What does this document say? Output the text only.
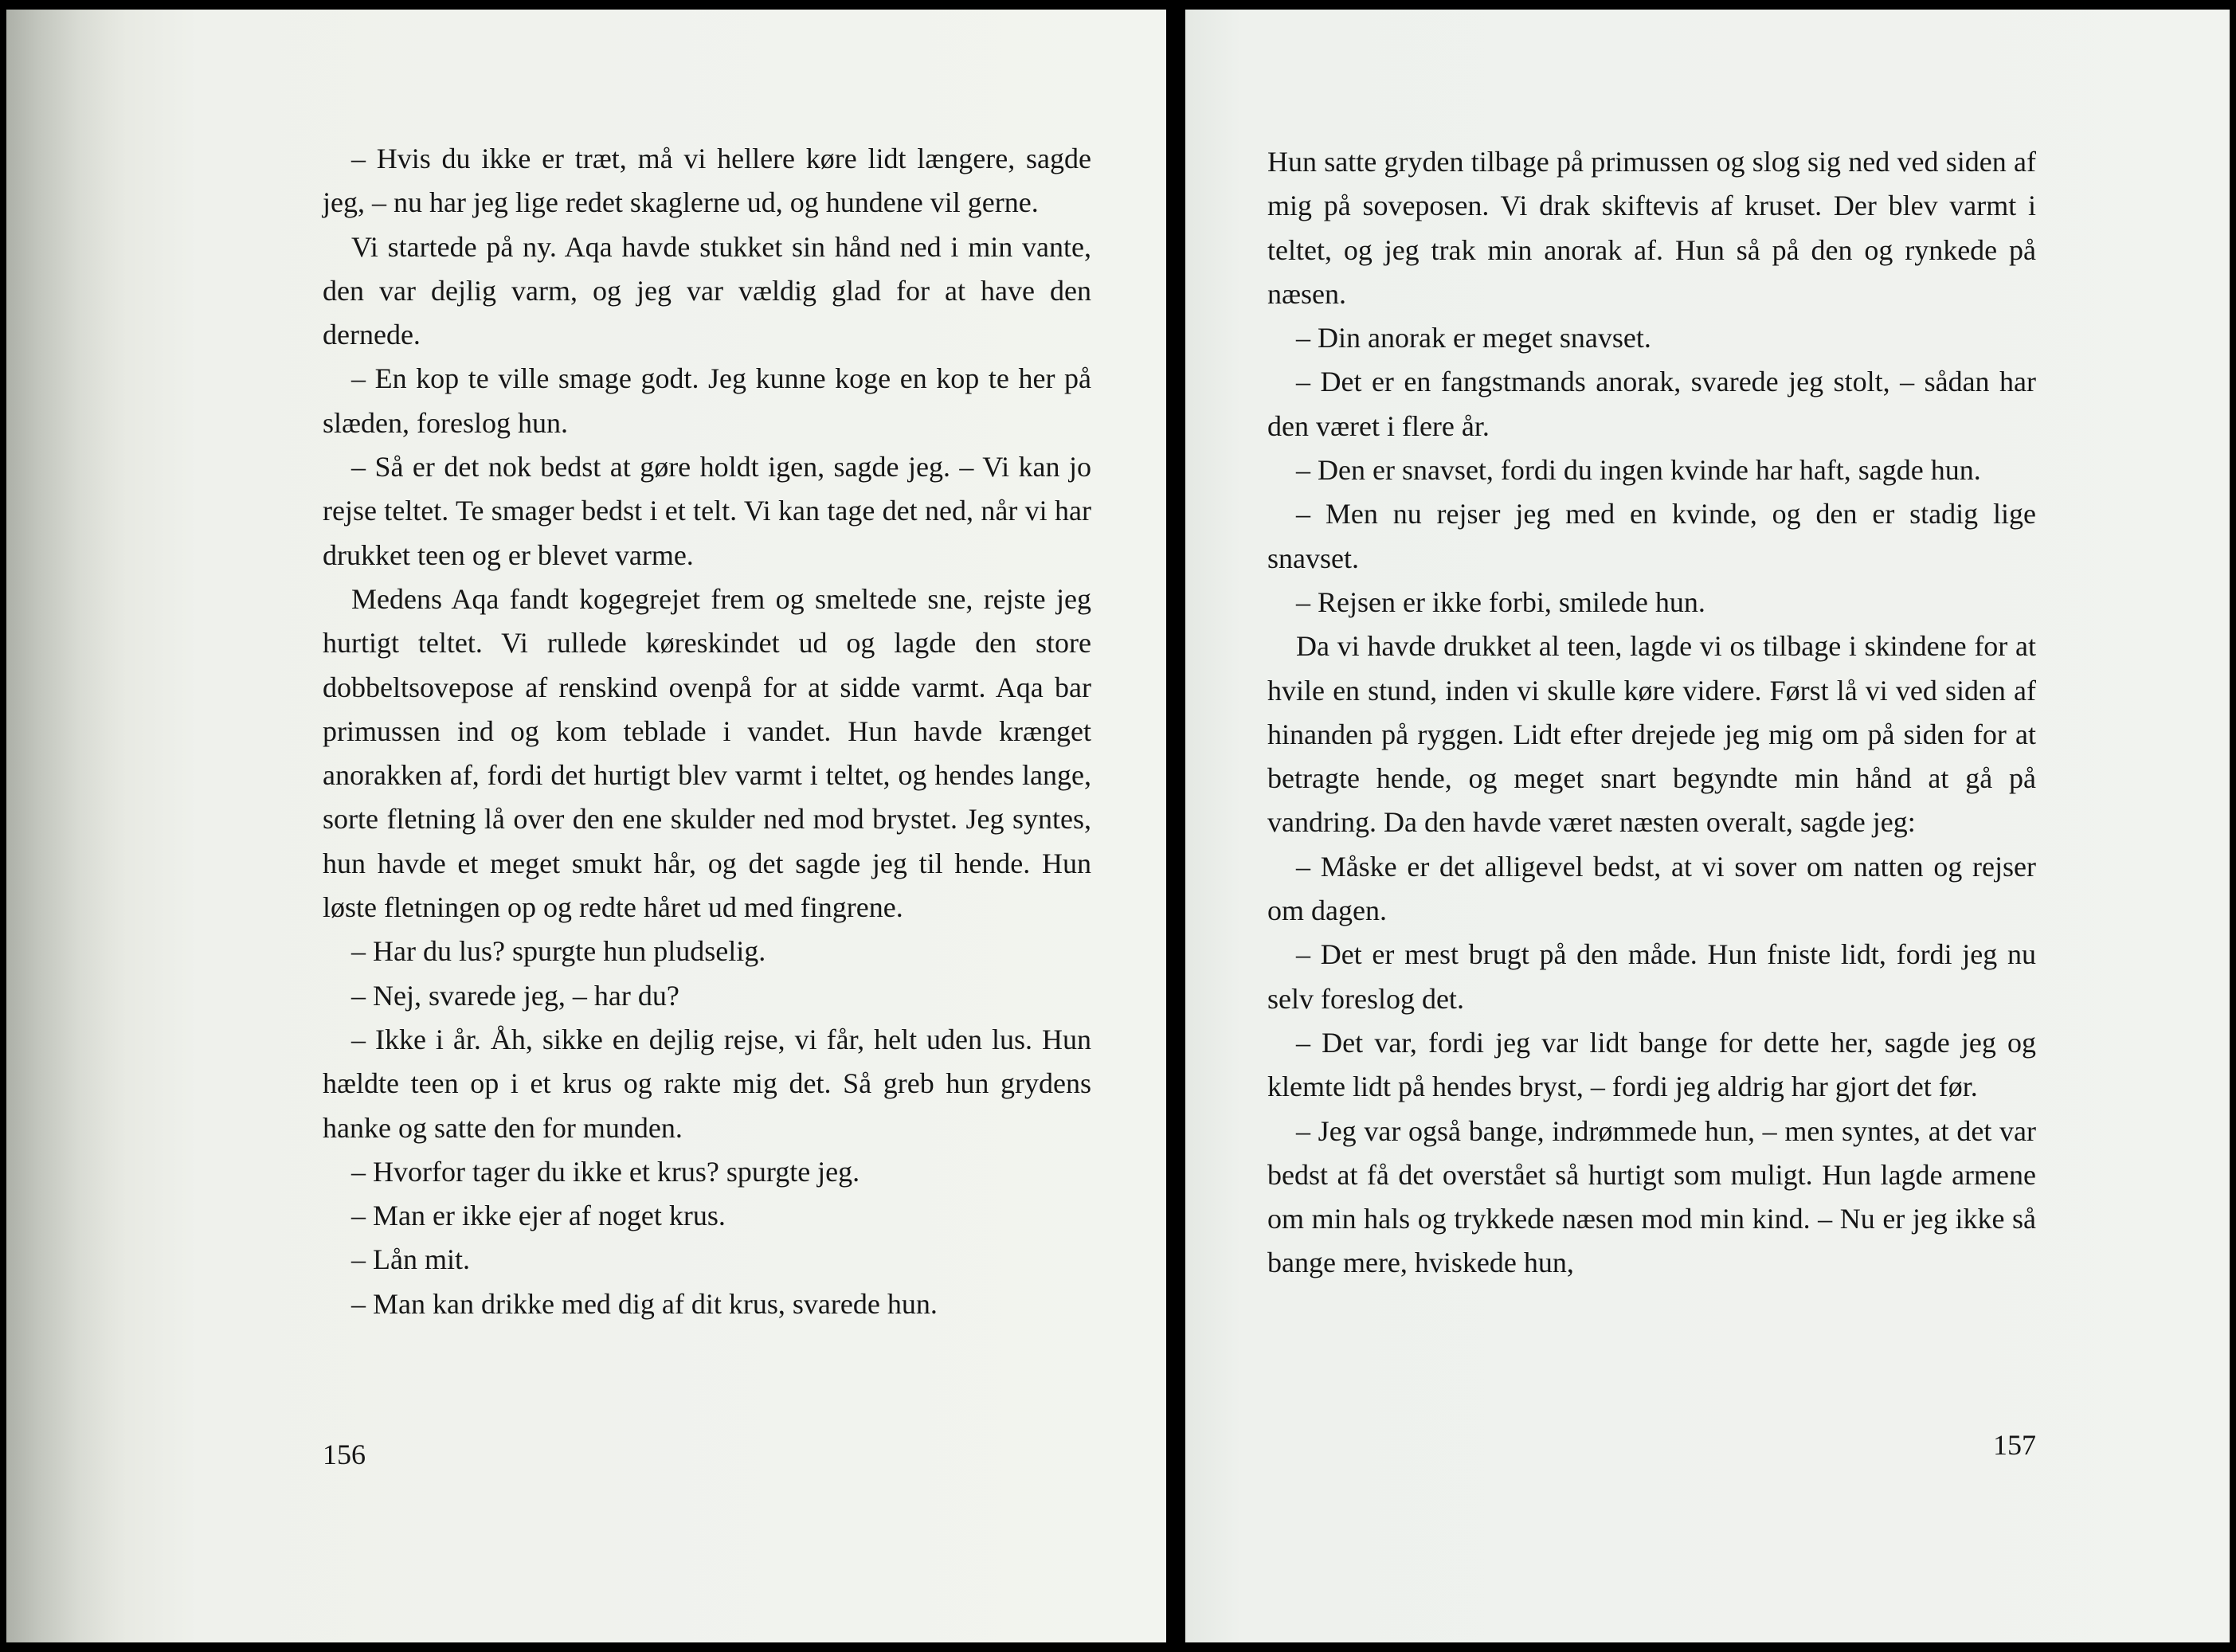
– Hvis du ikke er træt, må vi hellere køre lidt længere, sagde jeg, – nu har jeg lige redet skaglerne ud, og hundene vil gerne.

Vi startede på ny. Aqa havde stukket sin hånd ned i min vante, den var dejlig varm, og jeg var vældig glad for at have den dernede.

– En kop te ville smage godt. Jeg kunne koge en kop te her på slæden, foreslog hun.

– Så er det nok bedst at gøre holdt igen, sagde jeg. – Vi kan jo rejse teltet. Te smager bedst i et telt. Vi kan tage det ned, når vi har drukket teen og er blevet varme.

Medens Aqa fandt kogegrejet frem og smeltede sne, rejste jeg hurtigt teltet. Vi rullede køreskindet ud og lagde den store dobbeltsovepose af renskind ovenpå for at sidde varmt. Aqa bar primussen ind og kom teblade i vandet. Hun havde krænget anorakken af, fordi det hurtigt blev varmt i teltet, og hendes lange, sorte fletning lå over den ene skulder ned mod brystet. Jeg syntes, hun havde et meget smukt hår, og det sagde jeg til hende. Hun løste fletningen op og redte håret ud med fingrene.

– Har du lus? spurgte hun pludselig.

– Nej, svarede jeg, – har du?

– Ikke i år. Åh, sikke en dejlig rejse, vi får, helt uden lus. Hun hældte teen op i et krus og rakte mig det. Så greb hun grydens hanke og satte den for munden.

– Hvorfor tager du ikke et krus? spurgte jeg.

– Man er ikke ejer af noget krus.

– Lån mit.

– Man kan drikke med dig af dit krus, svarede hun.

156

Hun satte gryden tilbage på primussen og slog sig ned ved siden af mig på soveposen. Vi drak skiftevis af kruset. Der blev varmt i teltet, og jeg trak min anorak af. Hun så på den og rynkede på næsen.

– Din anorak er meget snavset.

– Det er en fangstmands anorak, svarede jeg stolt, – sådan har den været i flere år.

– Den er snavset, fordi du ingen kvinde har haft, sagde hun.

– Men nu rejser jeg med en kvinde, og den er stadig lige snavset.

– Rejsen er ikke forbi, smilede hun.

Da vi havde drukket al teen, lagde vi os tilbage i skindene for at hvile en stund, inden vi skulle køre videre. Først lå vi ved siden af hinanden på ryggen. Lidt efter drejede jeg mig om på siden for at betragte hende, og meget snart begyndte min hånd at gå på vandring. Da den havde været næsten overalt, sagde jeg:

– Måske er det alligevel bedst, at vi sover om natten og rejser om dagen.

– Det er mest brugt på den måde. Hun fniste lidt, fordi jeg nu selv foreslog det.

– Det var, fordi jeg var lidt bange for dette her, sagde jeg og klemte lidt på hendes bryst, – fordi jeg aldrig har gjort det før.

– Jeg var også bange, indrømmede hun, – men syntes, at det var bedst at få det overstået så hurtigt som muligt. Hun lagde armene om min hals og trykkede næsen mod min kind. – Nu er jeg ikke så bange mere, hviskede hun,

157
